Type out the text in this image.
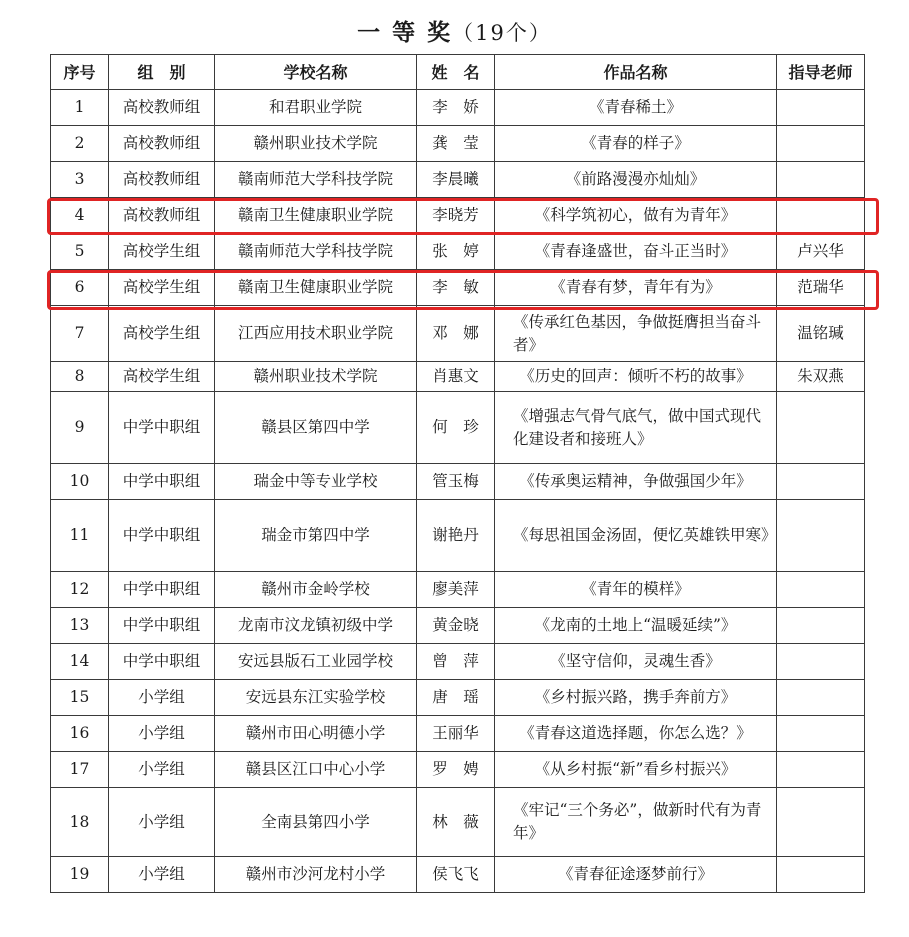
一 等 奖（19个）
序号	组　别	学校名称	姓　名	作品名称	指导老师
1	高校教师组	和君职业学院	李　娇	《青春稀土》	
2	高校教师组	赣州职业技术学院	龚　莹	《青春的样子》	
3	高校教师组	赣南师范大学科技学院	李晨曦	《前路漫漫亦灿灿》	
4	高校教师组	赣南卫生健康职业学院	李晓芳	《科学筑初心，做有为青年》	
5	高校学生组	赣南师范大学科技学院	张　婷	《青春逢盛世，奋斗正当时》	卢兴华
6	高校学生组	赣南卫生健康职业学院	李　敏	《青春有梦，青年有为》	范瑞华
7	高校学生组	江西应用技术职业学院	邓　娜	《传承红色基因，争做挺膺担当奋斗者》	温铭瑊
8	高校学生组	赣州职业技术学院	肖惠文	《历史的回声：倾听不朽的故事》	朱双燕
9	中学中职组	赣县区第四中学	何　珍	《增强志气骨气底气，做中国式现代化建设者和接班人》	
10	中学中职组	瑞金中等专业学校	管玉梅	《传承奥运精神，争做强国少年》	
11	中学中职组	瑞金市第四中学	谢艳丹	《每思祖国金汤固，便忆英雄铁甲寒》	
12	中学中职组	赣州市金岭学校	廖美萍	《青年的模样》	
13	中学中职组	龙南市汶龙镇初级中学	黄金晓	《龙南的土地上“温暖延续”》	
14	中学中职组	安远县版石工业园学校	曾　萍	《坚守信仰，灵魂生香》	
15	小学组	安远县东江实验学校	唐　瑶	《乡村振兴路，携手奔前方》	
16	小学组	赣州市田心明德小学	王丽华	《青春这道选择题，你怎么选？》	
17	小学组	赣县区江口中心小学	罗　娉	《从乡村振“新”看乡村振兴》	
18	小学组	全南县第四小学	林　薇	《牢记“三个务必”，做新时代有为青年》	
19	小学组	赣州市沙河龙村小学	侯飞飞	《青春征途逐梦前行》	
